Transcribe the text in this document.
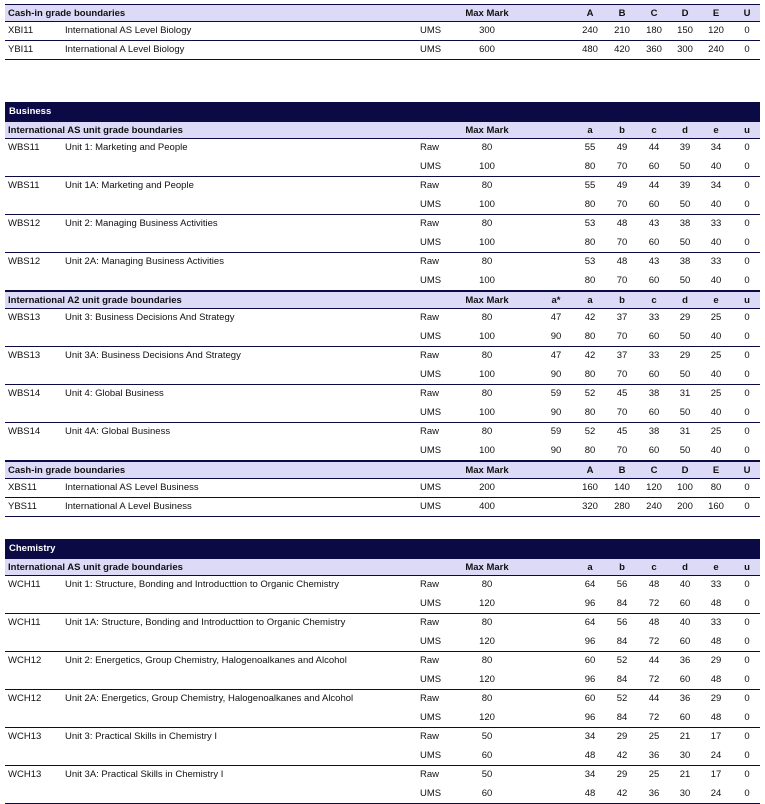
Cash-in grade boundaries	Max Mark	A	B	C	D	E	U
XBI11	International AS Level Biology	UMS	300	240	210	180	150	120	0
YBI11	International A Level Biology	UMS	600	480	420	360	300	240	0
Business
International AS unit grade boundaries	Max Mark	a	b	c	d	e	u
WBS11	Unit 1: Marketing and People	Raw	80	55	49	44	39	34	0
UMS	100	80	70	60	50	40	0
WBS11	Unit 1A: Marketing and People	Raw	80	55	49	44	39	34	0
UMS	100	80	70	60	50	40	0
WBS12	Unit 2: Managing Business Activities	Raw	80	53	48	43	38	33	0
UMS	100	80	70	60	50	40	0
WBS12	Unit 2A: Managing Business Activities	Raw	80	53	48	43	38	33	0
UMS	100	80	70	60	50	40	0
International A2 unit grade boundaries	Max Mark	a*	a	b	c	d	e	u
WBS13	Unit 3: Business Decisions And Strategy	Raw	80	47	42	37	33	29	25	0
UMS	100	90	80	70	60	50	40	0
WBS13	Unit 3A: Business Decisions And Strategy	Raw	80	47	42	37	33	29	25	0
UMS	100	90	80	70	60	50	40	0
WBS14	Unit 4: Global Business	Raw	80	59	52	45	38	31	25	0
UMS	100	90	80	70	60	50	40	0
WBS14	Unit 4A: Global Business	Raw	80	59	52	45	38	31	25	0
UMS	100	90	80	70	60	50	40	0
Cash-in grade boundaries	Max Mark	A	B	C	D	E	U
XBS11	International AS Level Business	UMS	200	160	140	120	100	80	0
YBS11	International A Level Business	UMS	400	320	280	240	200	160	0
Chemistry
International AS unit grade boundaries	Max Mark	a	b	c	d	e	u
WCH11	Unit 1: Structure, Bonding and Introducttion to Organic Chemistry	Raw	80	64	56	48	40	33	0
UMS	120	96	84	72	60	48	0
WCH11	Unit 1A: Structure, Bonding and Introducttion to Organic Chemistry	Raw	80	64	56	48	40	33	0
UMS	120	96	84	72	60	48	0
WCH12 Unit 2: Energetics, Group Chemistry, Halogenoalkanes and Alcohol	Raw	80	60	52	44	36	29	0
UMS	120	96	84	72	60	48	0
WCH12 Unit 2A: Energetics, Group Chemistry, Halogenoalkanes and Alcohol	Raw	80	60	52	44	36	29	0
UMS	120	96	84	72	60	48	0
WCH13 Unit 3: Practical Skills in Chemistry I	Raw	50	34	29	25	21	17	0
UMS	60	48	42	36	30	24	0
WCH13 Unit 3A: Practical Skills in Chemistry I	Raw	50	34	29	25	21	17	0
UMS	60	48	42	36	30	24	0
